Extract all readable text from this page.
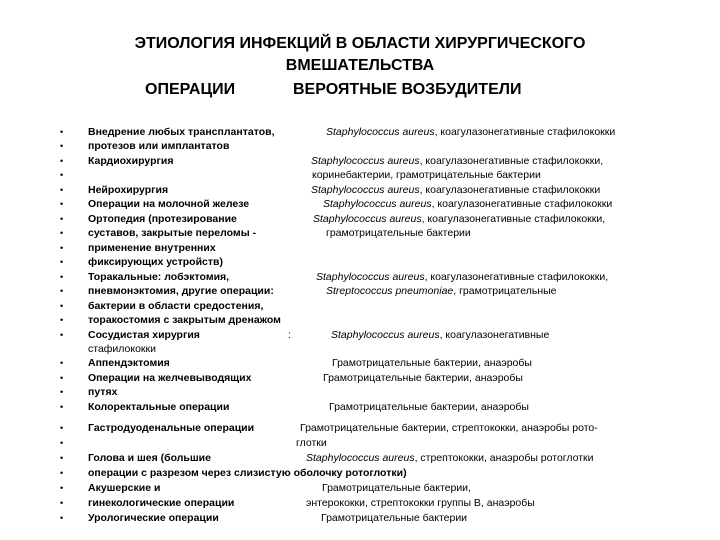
ЭТИОЛОГИЯ ИНФЕКЦИЙ В ОБЛАСТИ ХИРУРГИЧЕСКОГО
ВМЕШАТЕЛЬСТВА
ОПЕРАЦИИ	ВЕРОЯТНЫЕ ВОЗБУДИТЕЛИ
• Внедрение любых трансплантатов,	Staphylococcus aureus, коагулазонегативные стафилококки
• протезов или имплантатов
• Кардиохирургия	Staphylococcus aureus, коагулазонегативные стафилококки,
•	коринебактерии, грамотрицательные бактерии
• Нейрохирургия	Staphylococcus aureus, коагулазонегативные стафилококки
• Операции на молочной железе	Staphylococcus aureus, коагулазонегативные стафилококки
• Ортопедия (протезирование	Staphylococcus aureus, коагулазонегативные стафилококки,
• суставов, закрытые переломы -	грамотрицательные бактерии
• применение внутренних
• фиксирующих устройств)
• Торакальные: лобэктомия,	Staphylococcus aureus, коагулазонегативные стафилококки,
• пневмонэктомия, другие операции:	Streptococcus pneumoniae, грамотрицательные
• бактерии в области средостения,
• торакостомия с закрытым дренажом
• Сосудистая хирургия	:	Staphylococcus aureus, коагулазонегативные
стафилококки
• Аппендэктомия	Грамотрицательные бактерии, анаэробы
• Операции на желчевыводящих	Грамотрицательные бактерии, анаэробы
• путях
• Колоректальные операции	Грамотрицательные бактерии, анаэробы
• Гастродуоденальные операции	Грамотрицательные бактерии, стрептококки, анаэробы рото-
•	глотки
• Голова и шея (большие	Staphylococcus aureus, стрептококки, анаэробы ротоглотки
• операции с разрезом через слизистую оболочку ротоглотки)
• Акушерские и	Грамотрицательные бактерии,
• гинекологические операции	энтерококки, стрептококки группы В, анаэробы
• Урологические операции	Грамотрицательные бактерии
